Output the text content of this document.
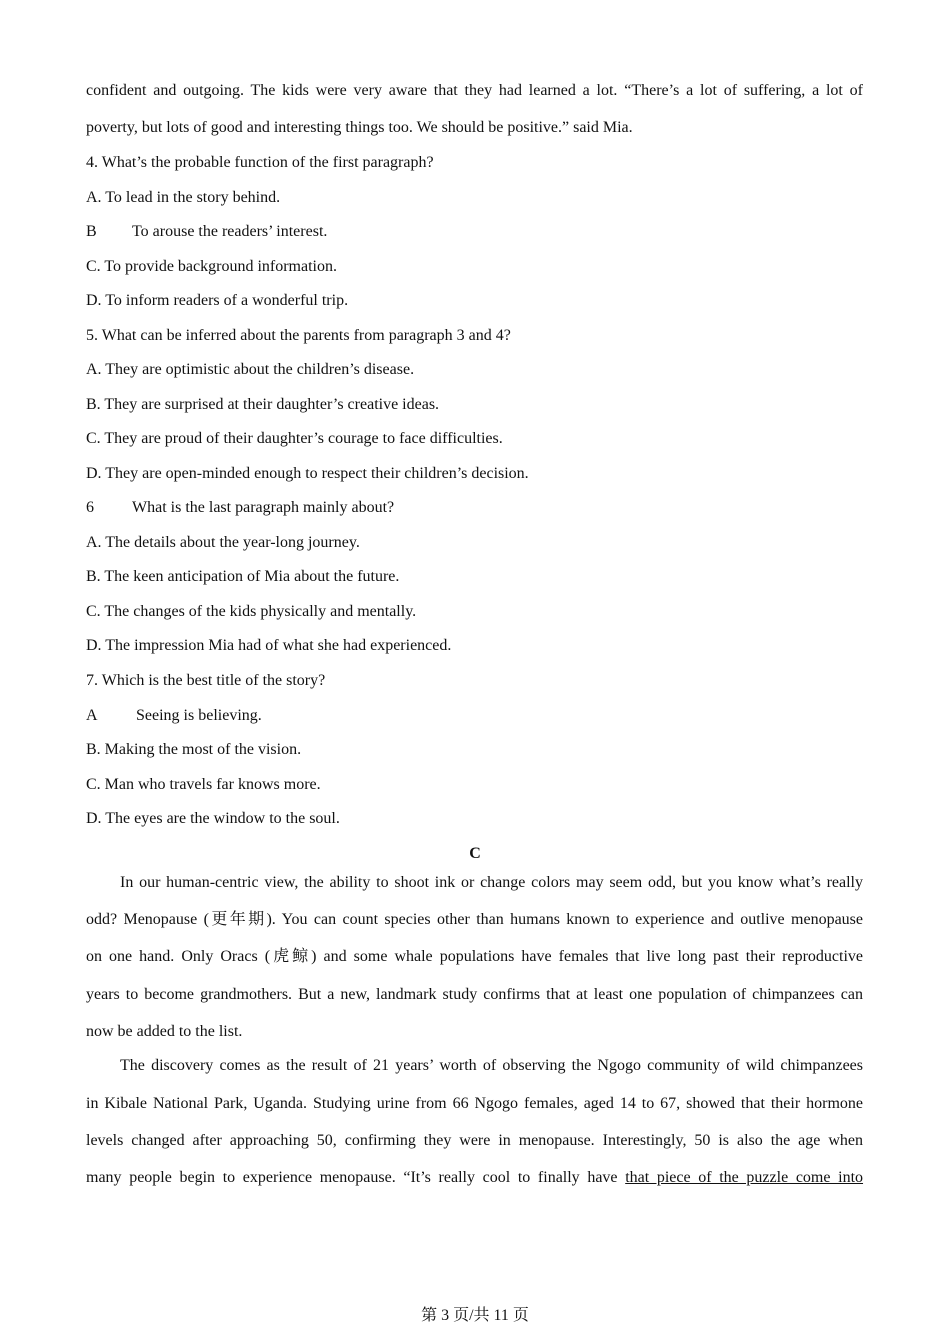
confident and outgoing. The kids were very aware that they had learned a lot. “There’s a lot of suffering, a lot of
poverty, but lots of good and interesting things too. We should be positive.” said Mia.
4. What’s the probable function of the first paragraph?
A. To lead in the story behind.
B To arouse the readers’ interest.
C. To provide background information.
D. To inform readers of a wonderful trip.
5. What can be inferred about the parents from paragraph 3 and 4?
A. They are optimistic about the children’s disease.
B. They are surprised at their daughter’s creative ideas.
C. They are proud of their daughter’s courage to face difficulties.
D. They are open-minded enough to respect their children’s decision.
6 What is the last paragraph mainly about?
A. The details about the year-long journey.
B. The keen anticipation of Mia about the future.
C. The changes of the kids physically and mentally.
D. The impression Mia had of what she had experienced.
7. Which is the best title of the story?
A Seeing is believing.
B. Making the most of the vision.
C. Man who travels far knows more.
D. The eyes are the window to the soul.
C
In our human-centric view, the ability to shoot ink or change colors may seem odd, but you know what’s really
odd? Menopause (更年期). You can count species other than humans known to experience and outlive menopause
on one hand. Only Oracs (虎鲸) and some whale populations have females that live long past their reproductive
years to become grandmothers. But a new, landmark study confirms that at least one population of chimpanzees can
now be added to the list.
The discovery comes as the result of 21 years’ worth of observing the Ngogo community of wild chimpanzees
in Kibale National Park, Uganda. Studying urine from 66 Ngogo females, aged 14 to 67, showed that their hormone
levels changed after approaching 50, confirming they were in menopause. Interestingly, 50 is also the age when
many people begin to experience menopause. “It’s really cool to finally have that piece of the puzzle come into
第 3 页/共 11 页
